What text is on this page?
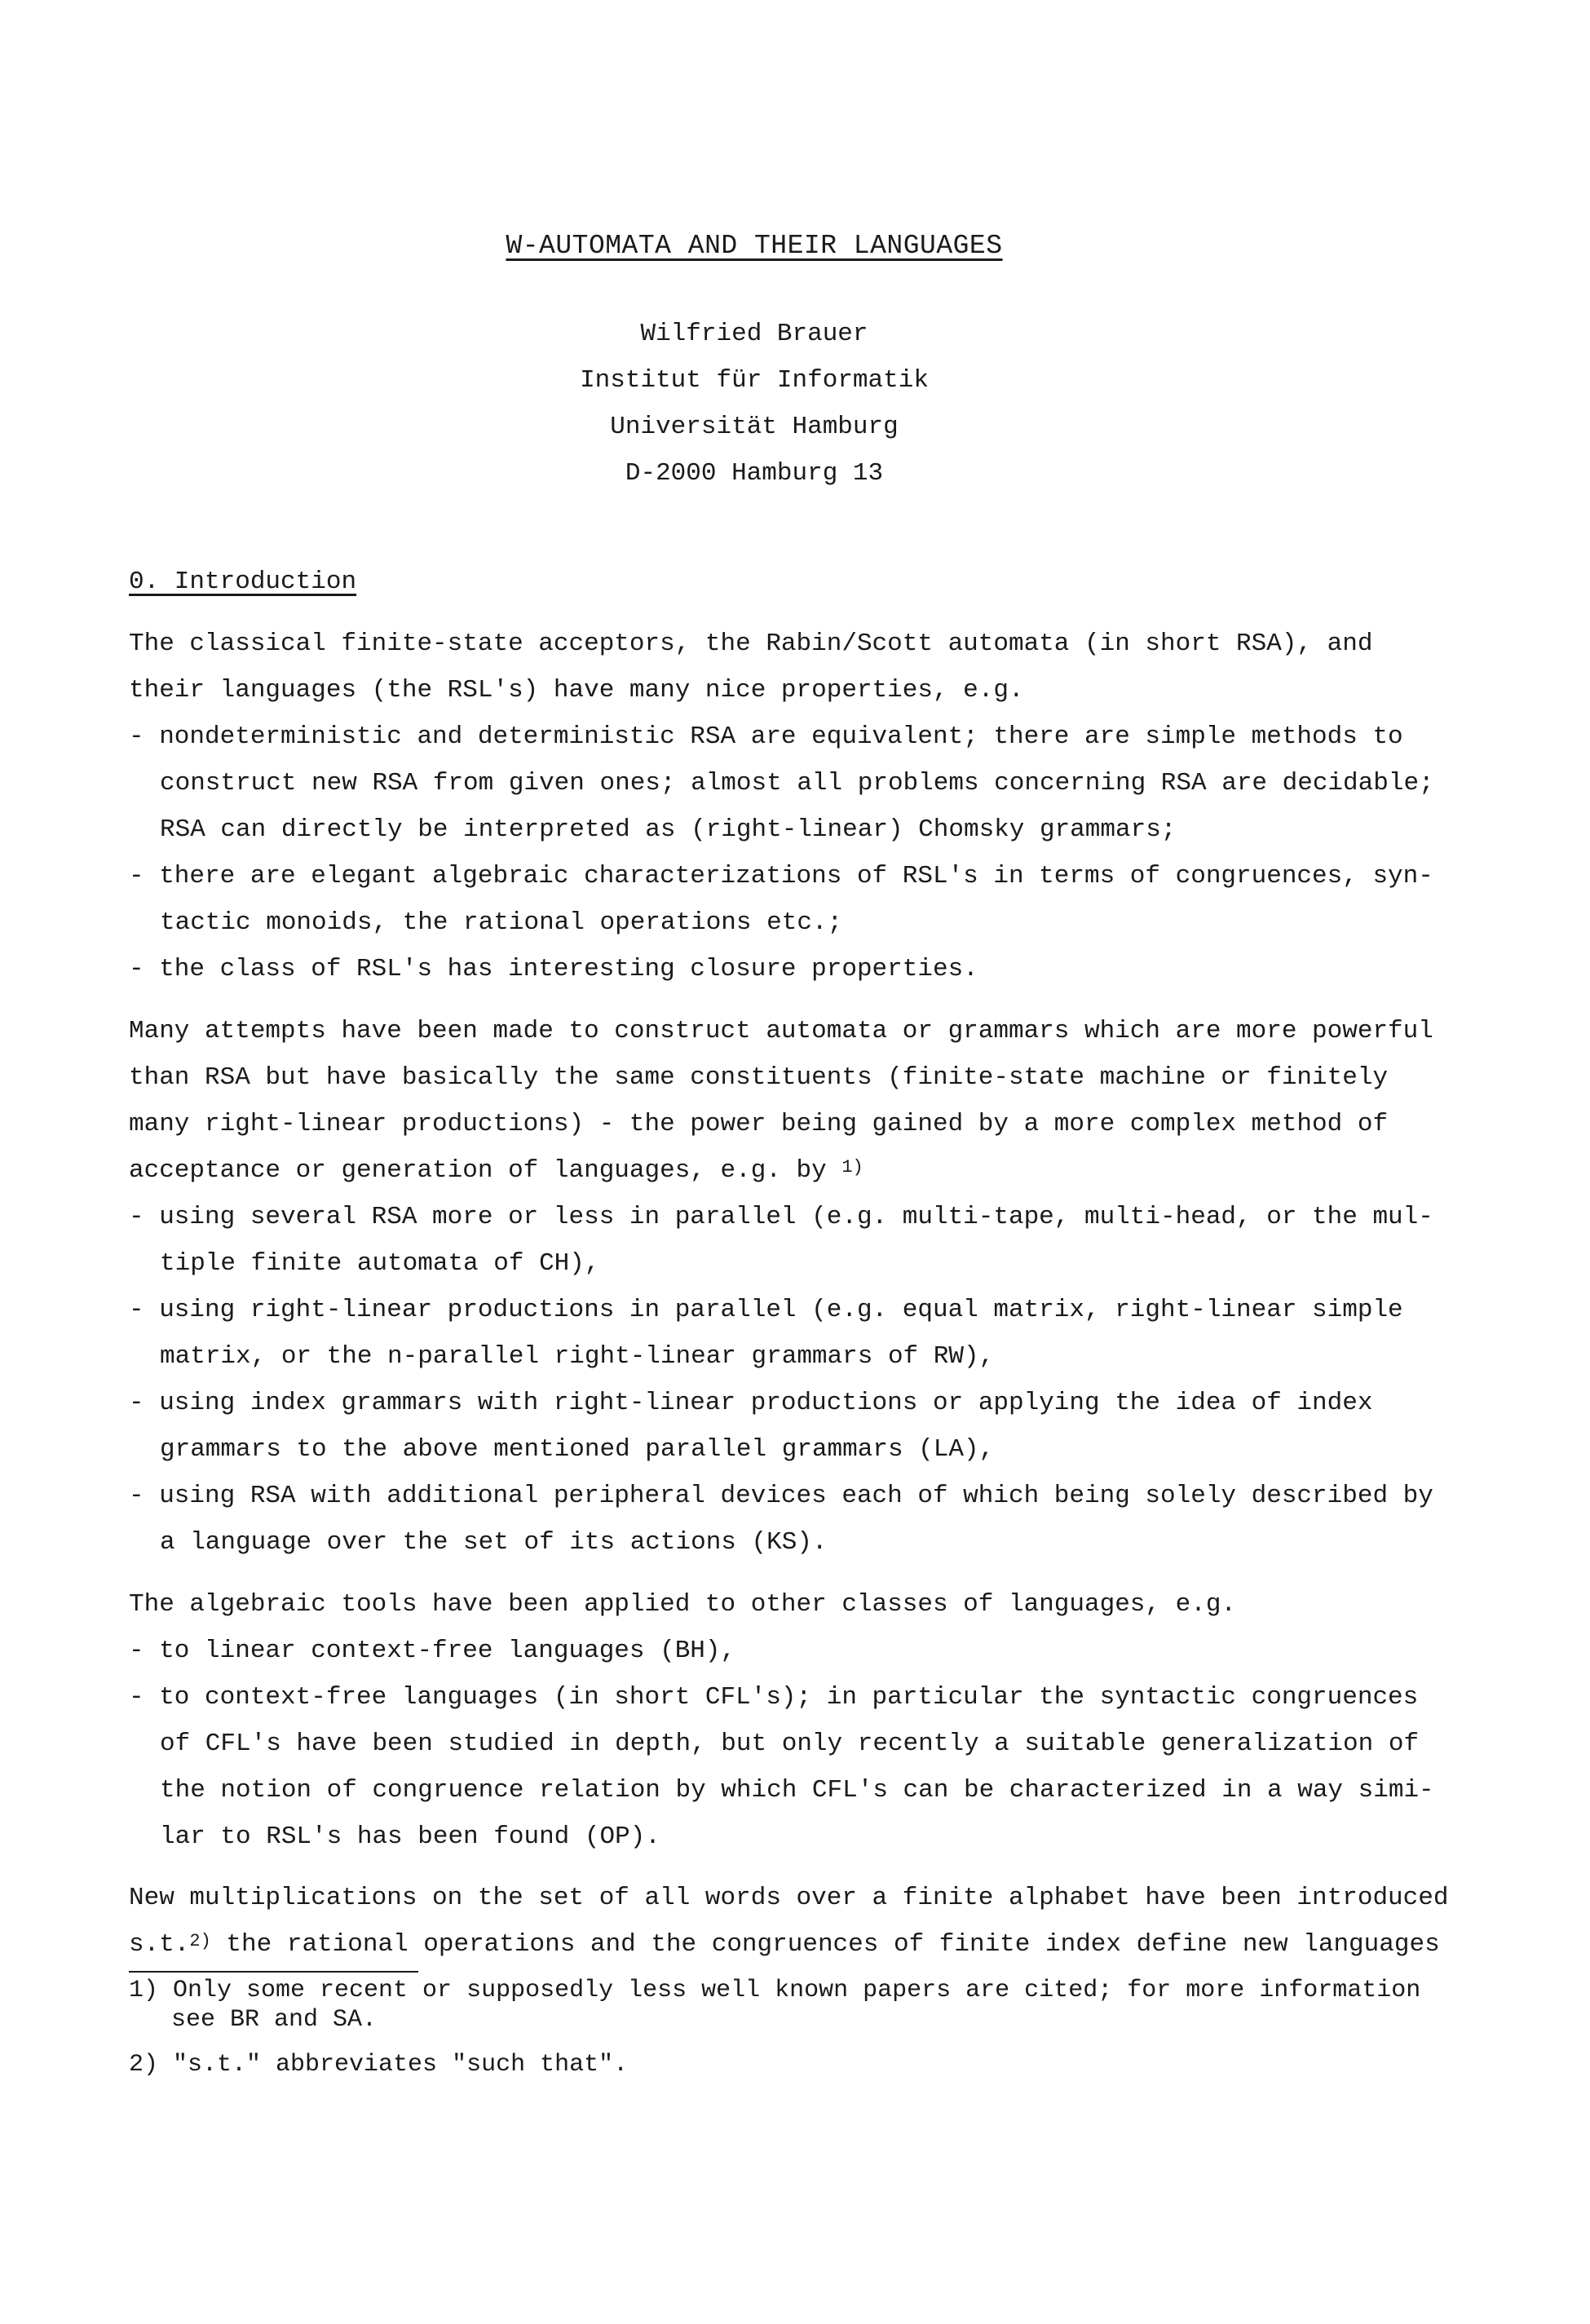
W-AUTOMATA AND THEIR LANGUAGES
Wilfried Brauer
Institut für Informatik
Universität Hamburg
D-2000 Hamburg 13
0. Introduction
The classical finite-state acceptors, the Rabin/Scott automata (in short RSA), and
their languages (the RSL's) have many nice properties, e.g.
- nondeterministic and deterministic RSA are equivalent; there are simple methods to
construct new RSA from given ones; almost all problems concerning RSA are decidable;
RSA can directly be interpreted as (right-linear) Chomsky grammars;
- there are elegant algebraic characterizations of RSL's in terms of congruences, syn-
tactic monoids, the rational operations etc.;
- the class of RSL's has interesting closure properties.
Many attempts have been made to construct automata or grammars which are more powerful
than RSA but have basically the same constituents (finite-state machine or finitely
many right-linear productions) - the power being gained by a more complex method of
acceptance or generation of languages, e.g. by $^{1)}$
- using several RSA more or less in parallel (e.g. multi-tape, multi-head, or the mul-
tiple finite automata of CH),
- using right-linear productions in parallel (e.g. equal matrix, right-linear simple
matrix, or the n-parallel right-linear grammars of RW),
- using index grammars with right-linear productions or applying the idea of index
grammars to the above mentioned parallel grammars (LA),
- using RSA with additional peripheral devices each of which being solely described by
a language over the set of its actions (KS).
The algebraic tools have been applied to other classes of languages, e.g.
- to linear context-free languages (BH),
- to context-free languages (in short CFL's); in particular the syntactic congruences
of CFL's have been studied in depth, but only recently a suitable generalization of
the notion of congruence relation by which CFL's can be characterized in a way simi-
lar to RSL's has been found (OP).
New multiplications on the set of all words over a finite alphabet have been introduced
s.t.$^{2)}$ the rational operations and the congruences of finite index define new languages
1) Only some recent or supposedly less well known papers are cited; for more information
see BR and SA.
2) "s.t." abbreviates "such that".
